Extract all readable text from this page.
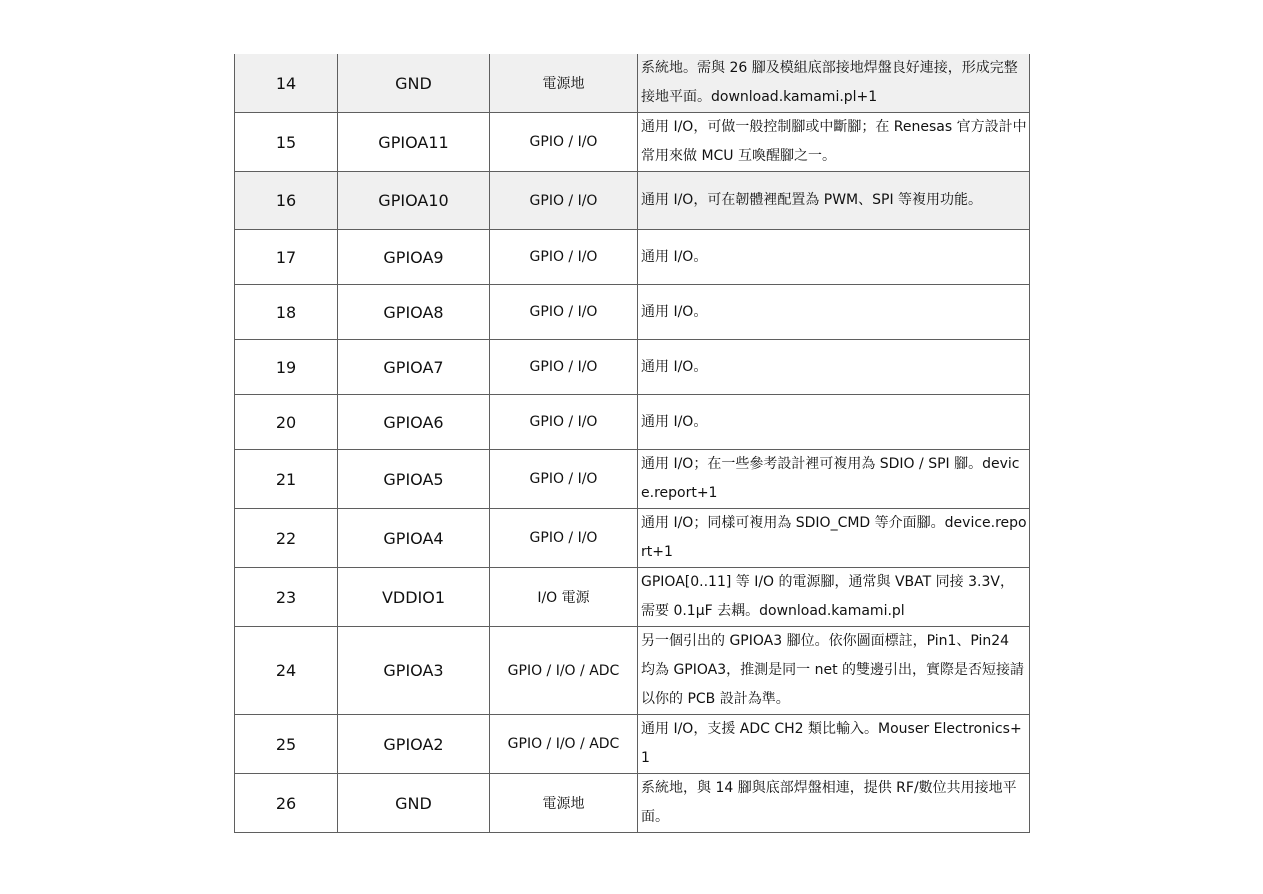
14	GND	電源地	系統地。需與 26 腳及模組底部接地焊盤良好連接，形成完整接地平面。download.kamami.pl+1
15	GPIOA11	GPIO / I/O	通用 I/O，可做一般控制腳或中斷腳；在 Renesas 官方設計中常用來做 MCU 互喚醒腳之一。
16	GPIOA10	GPIO / I/O	通用 I/O，可在韌體裡配置為 PWM、SPI 等複用功能。
17	GPIOA9	GPIO / I/O	通用 I/O。
18	GPIOA8	GPIO / I/O	通用 I/O。
19	GPIOA7	GPIO / I/O	通用 I/O。
20	GPIOA6	GPIO / I/O	通用 I/O。
21	GPIOA5	GPIO / I/O	通用 I/O；在一些參考設計裡可複用為 SDIO / SPI 腳。device.report+1
22	GPIOA4	GPIO / I/O	通用 I/O；同樣可複用為 SDIO_CMD 等介面腳。device.report+1
23	VDDIO1	I/O 電源	GPIOA[0..11] 等 I/O 的電源腳，通常與 VBAT 同接 3.3V，需要 0.1µF 去耦。download.kamami.pl
24	GPIOA3	GPIO / I/O / ADC	另一個引出的 GPIOA3 腳位。依你圖面標註，Pin1、Pin24 均為 GPIOA3，推測是同一 net 的雙邊引出，實際是否短接請以你的 PCB 設計為準。
25	GPIOA2	GPIO / I/O / ADC	通用 I/O，支援 ADC CH2 類比輸入。Mouser Electronics+1
26	GND	電源地	系統地，與 14 腳與底部焊盤相連，提供 RF/數位共用接地平面。
